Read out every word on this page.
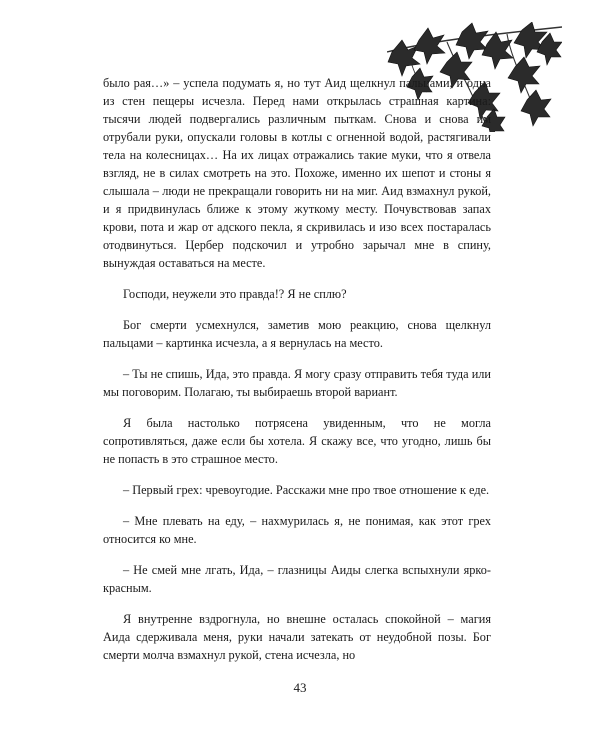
было рая…» – успела подумать я, но тут Аид щелкнул пальцами, и одна из стен пещеры исчезла. Перед нами открылась страшная картина: тысячи людей подвергались различным пыткам. Снова и снова им отрубали руки, опускали головы в котлы с огненной водой, растягивали тела на колесницах… На их лицах отражались такие муки, что я отвела взгляд, не в силах смотреть на это. Похоже, именно их шепот и стоны я слышала – люди не прекращали говорить ни на миг. Аид взмахнул рукой, и я придвинулась ближе к этому жуткому месту. Почувствовав запах крови, пота и жар от адского пекла, я скривилась и изо всех постаралась отодвинуться. Цербер подскочил и утробно зарычал мне в спину, вынуждая оставаться на месте.

Господи, неужели это правда!? Я не сплю?

Бог смерти усмехнулся, заметив мою реакцию, снова щелкнул пальцами – картинка исчезла, а я вернулась на место.

– Ты не спишь, Ида, это правда. Я могу сразу отправить тебя туда или мы поговорим. Полагаю, ты выбираешь второй вариант.

Я была настолько потрясена увиденным, что не могла сопротивляться, даже если бы хотела. Я скажу все, что угодно, лишь бы не попасть в это страшное место.

– Первый грех: чревоугодие. Расскажи мне про твое отношение к еде.

– Мне плевать на еду, – нахмурилась я, не понимая, как этот грех относится ко мне.

– Не смей мне лгать, Ида, – глазницы Аиды слегка вспыхнули ярко-красным.

Я внутренне вздрогнула, но внешне осталась спокойной – магия Аида сдерживала меня, руки начали затекать от неудобной позы. Бог смерти молча взмахнул рукой, стена исчезла, но

43
